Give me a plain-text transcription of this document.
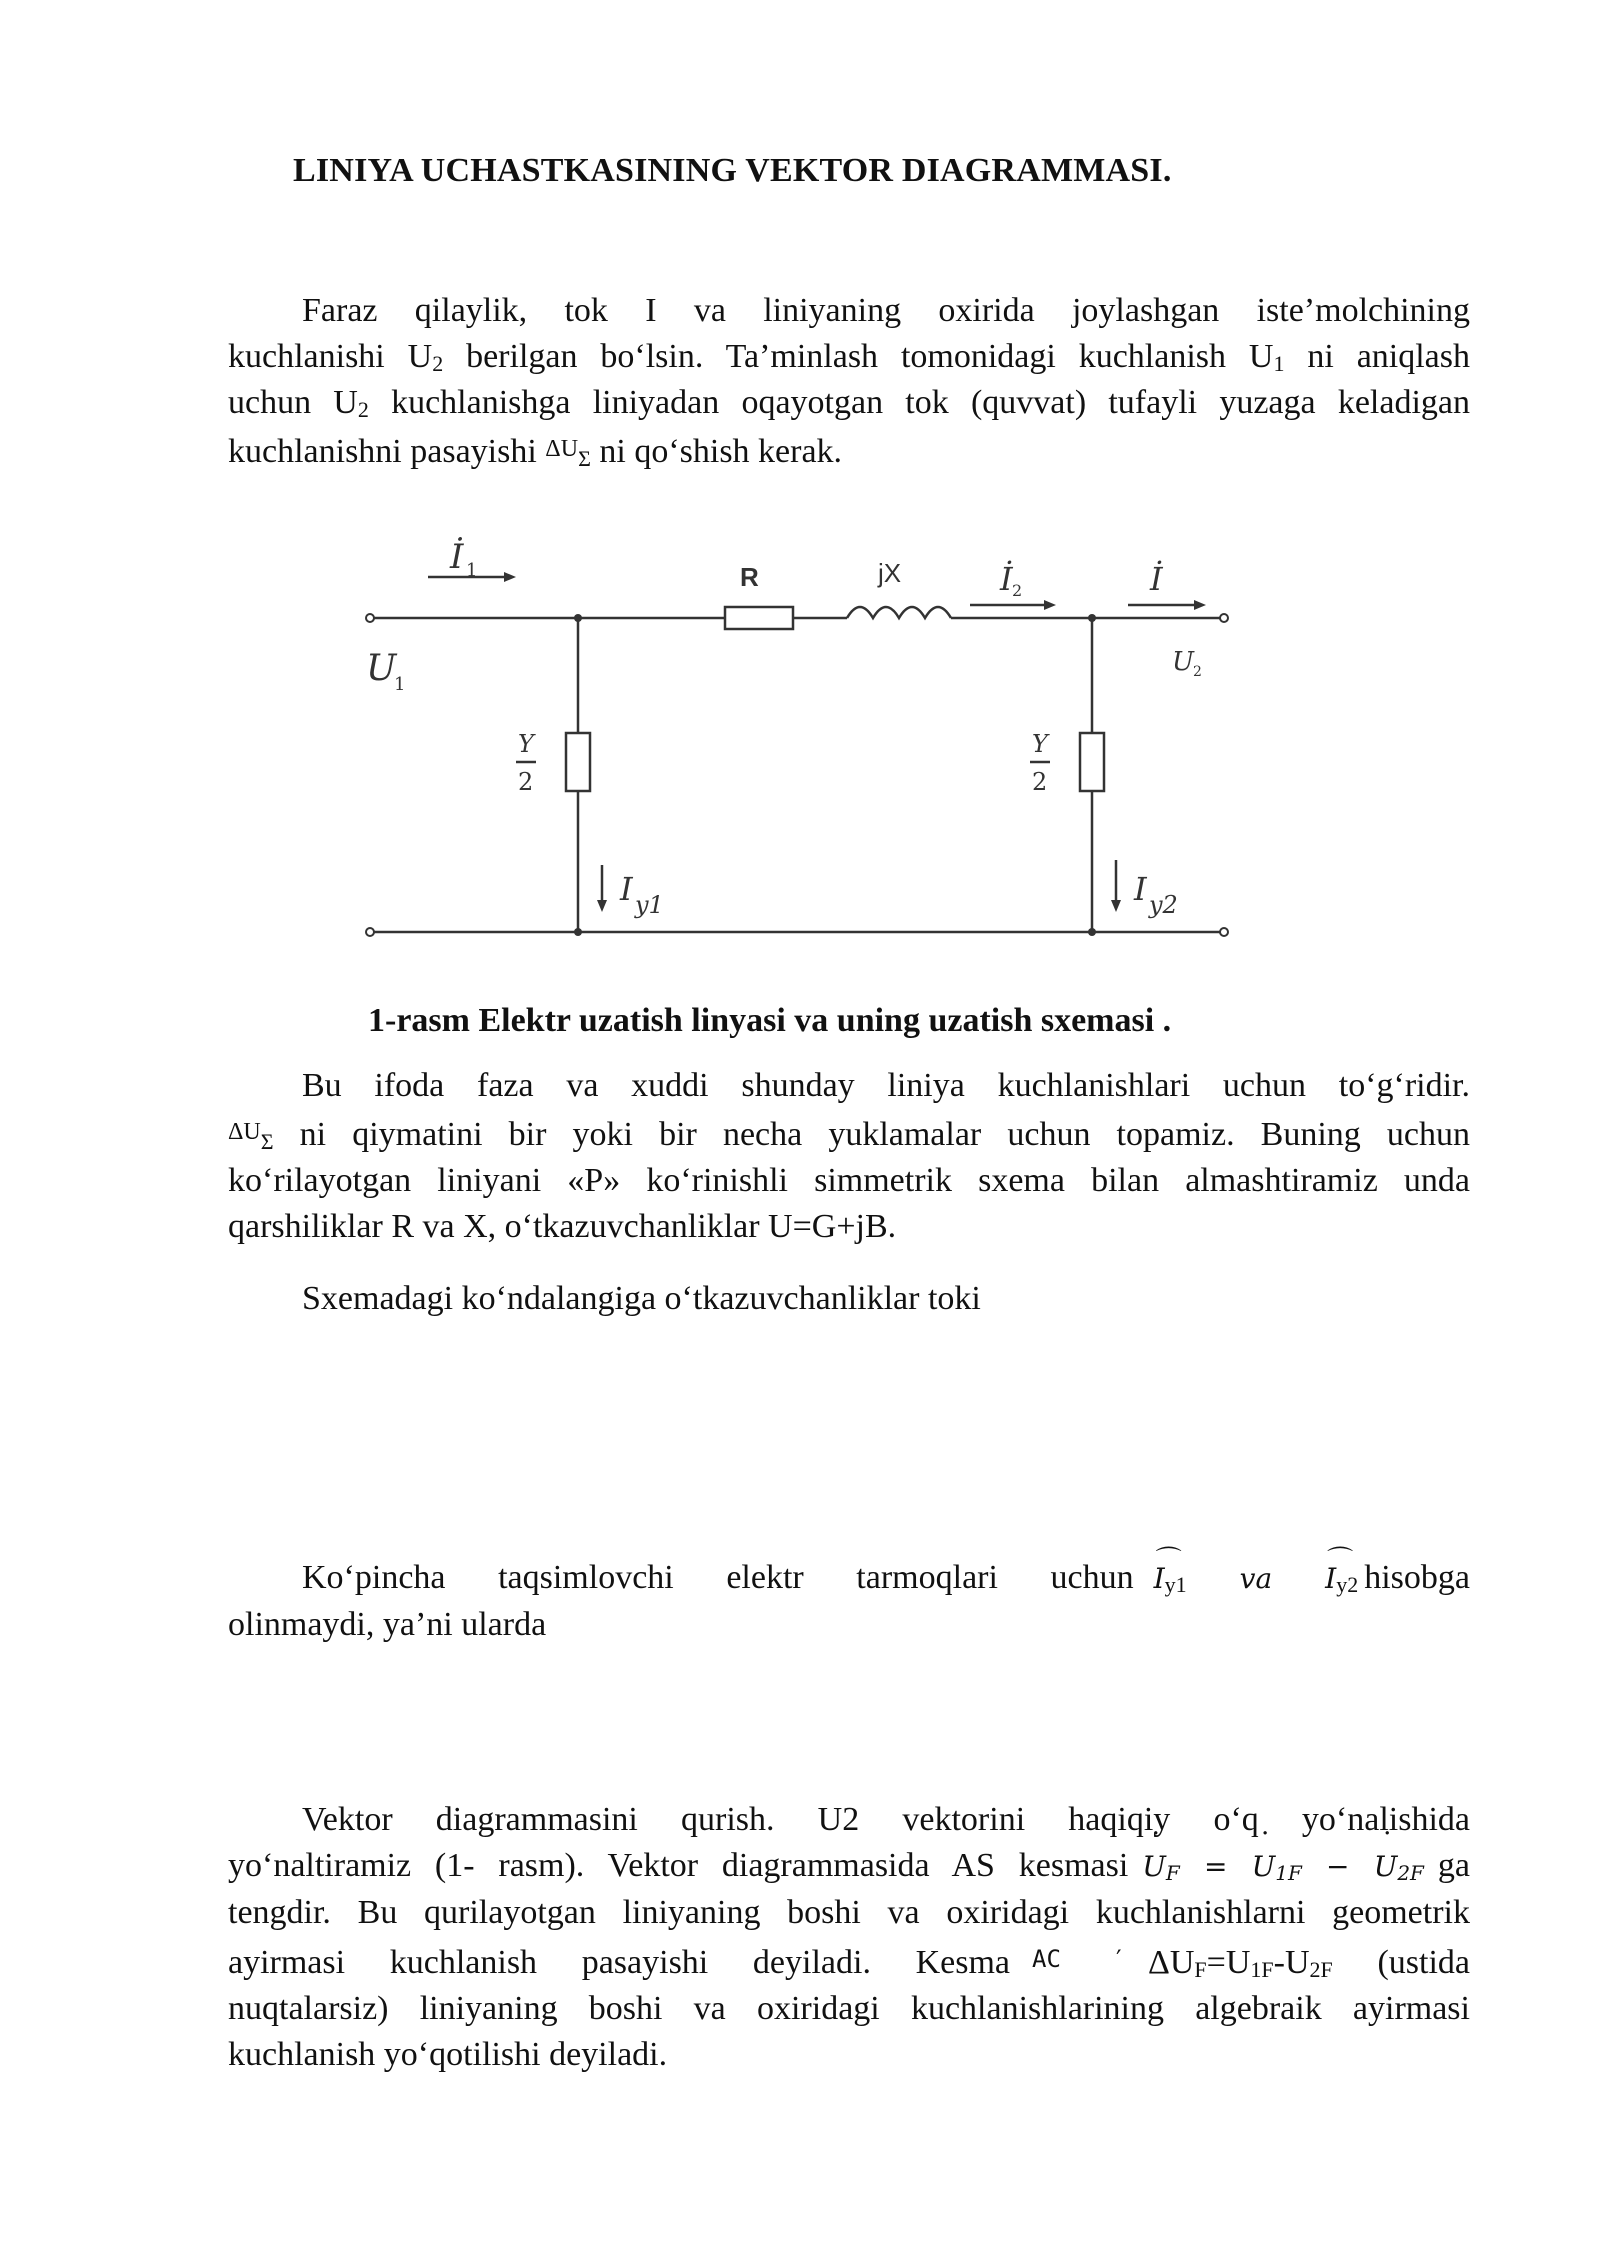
LINIYA UCHASTKASINING VEKTOR DIAGRAMMASI.
Faraz qilaylik, tok I va liniyaning oxirida joylashgan iste’molchining
kuchlanishi U2 berilgan bo‘lsin. Ta’minlash tomonidagi kuchlanish U1 ni aniqlash
uchun U2 kuchlanishga liniyadan oqayotgan tok (quvvat) tufayli yuzaga keladigan
kuchlanishni pasayishi ΔUΣ ni qo‘shish kerak.
İ 1	R	jX	İ 2	İ
U
1
U 2
Y
2
Y
2
I y1	I y2
1-rasm Elektr uzatish linyasi va uning uzatish sxemasi .
Bu ifoda faza va xuddi shunday liniya kuchlanishlari uchun to‘g‘ridir.
ΔUΣ ni qiymatini bir yoki bir necha yuklamalar uchun topamiz. Buning uchun
ko‘rilayotgan liniyani «P» ko‘rinishli simmetrik sxema bilan almashtiramiz unda
qarshiliklar R va X, o‘tkazuvchanliklar U=G+jB.
Sxemadagi ko‘ndalangiga o‘tkazuvchanliklar toki
Ko‘pincha taqsimlovchi elektr tarmoqlari uchun ⌒ Iy1 va ⌒ Iy2 hisobga
olinmaydi, ya’ni ularda
Vektor diagrammasini qurish. U2 vektorini haqiqiy o‘q yo‘nalishida
yo‘naltiramiz (1- rasm). Vektor diagrammasida AS kesmasi ˙ $U_F$ = ˙ $U_{1F}$ − ˙ $U_{2F}$ ga
tengdir. Bu qurilayotgan liniyaning boshi va oxiridagi kuchlanishlarni geometrik
ayirmasi kuchlanish pasayishi deyiladi. Kesma AC ′ ΔUF=U1F-U2F (ustida
nuqtalarsiz) liniyaning boshi va oxiridagi kuchlanishlarining algebraik ayirmasi
kuchlanish yo‘qotilishi deyiladi.
